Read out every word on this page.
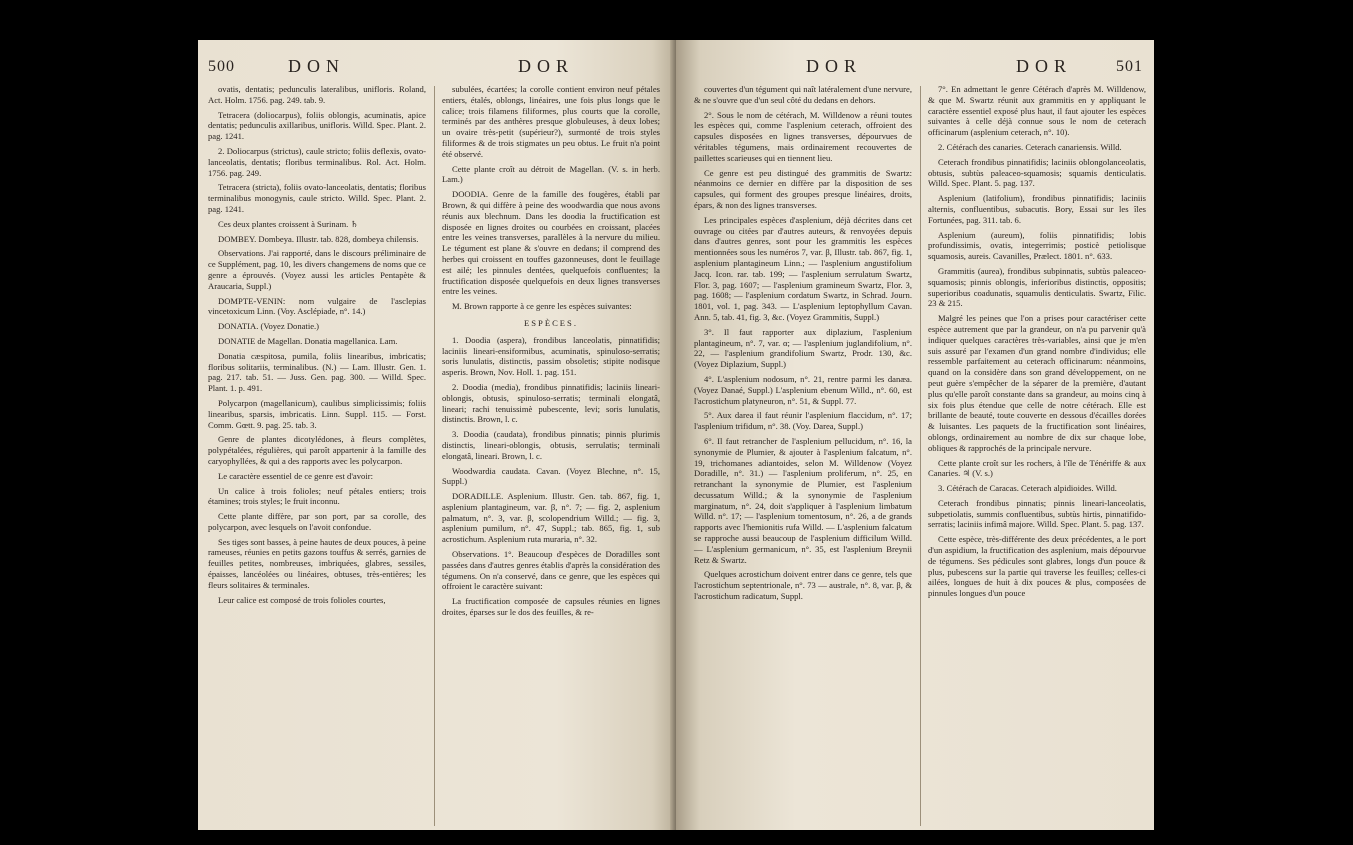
500	DON	DOR

ovatis, dentatis; pedunculis lateralibus, unifloris. Roland, Act. Holm. 1756. pag. 249. tab. 9.

Tetracera (doliocarpus), foliis oblongis, acuminatis, apice dentatis; pedunculis axillaribus, unifloris. Willd. Spec. Plant. 2. pag. 1241.

2. Doliocarpus (strictus), caule stricto; foliis deflexis, ovato-lanceolatis, dentatis; floribus terminalibus. Rol. Act. Holm. 1756. pag. 249.

Tetracera (stricta), foliis ovato-lanceolatis, dentatis; floribus terminalibus monogynis, caule stricto. Willd. Spec. Plant. 2. pag. 1241.

Ces deux plantes croissent à Surinam. ♄

DOMBEY. Dombeya. Illustr. tab. 828, dombeya chilensis.

Observations. J'ai rapporté, dans le discours préliminaire de ce Supplément, pag. 10, les divers changemens de noms que ce genre a éprouvés. (Voyez aussi les articles Pentapète & Araucaria, Suppl.)

DOMPTE-VENIN: nom vulgaire de l'asclepias vincetoxicum Linn. (Voy. Asclépiade, n°. 14.)

DONATIA. (Voyez Donatie.)

DONATIE de Magellan. Donatia magellanica. Lam.

Donatia cæspitosa, pumila, foliis linearibus, imbricatis; floribus solitariis, terminalibus. (N.) — Lam. Illustr. Gen. 1. pag. 217. tab. 51. — Juss. Gen. pag. 300. — Willd. Spec. Plant. 1. p. 491.

Polycarpon (magellanicum), caulibus simplicissimis; foliis linearibus, sparsis, imbricatis. Linn. Suppl. 115. — Forst. Comm. Gœtt. 9. pag. 25. tab. 3.

Genre de plantes dicotylédones, à fleurs complètes, polypétalées, régulières, qui paroît appartenir à la famille des caryophyllées, & qui a des rapports avec les polycarpon.

Le caractère essentiel de ce genre est d'avoir:

Un calice à trois folioles; neuf pétales entiers; trois étamines; trois styles; le fruit inconnu.

Cette plante diffère, par son port, par sa corolle, des polycarpon, avec lesquels on l'avoit confondue.

Ses tiges sont basses, à peine hautes de deux pouces, à peine rameuses, réunies en petits gazons touffus & serrés, garnies de feuilles petites, nombreuses, imbriquées, glabres, sessiles, épaisses, lancéolées ou linéaires, obtuses, très-entières; les fleurs solitaires & terminales.

Leur calice est composé de trois folioles courtes,

subulées, écartées; la corolle contient environ neuf pétales entiers, étalés, oblongs, linéaires, une fois plus longs que le calice; trois filamens filiformes, plus courts que la corolle, terminés par des anthères presque globuleuses, à deux lobes; un ovaire très-petit (supérieur?), surmonté de trois styles filiformes & de trois stigmates un peu obtus. Le fruit n'a point été observé.

Cette plante croît au détroit de Magellan. (V. s. in herb. Lam.)

DOODIA. Genre de la famille des fougères, établi par Brown, & qui diffère à peine des woodwardia que nous avons réunis aux blechnum. Dans les doodia la fructification est disposée en lignes droites ou courbées en croissant, placées entre les veines transverses, parallèles à la nervure du milieu. Le tégument est plane & s'ouvre en dedans; il comprend des herbes qui croissent en touffes gazonneuses, dont le feuillage est ailé; les pinnules dentées, quelquefois confluentes; la fructification disposée quelquefois en deux lignes transverses entre les veines.

M. Brown rapporte à ce genre les espèces suivantes:

ESPÈCES.

1. Doodia (aspera), frondibus lanceolatis, pinnatifidis; laciniis lineari-ensiformibus, acuminatis, spinuloso-serratis; soris lunulatis, distinctis, passim obsoletis; stipite nodisque asperis. Brown, Nov. Holl. 1. pag. 151.

2. Doodia (media), frondibus pinnatifidis; laciniis lineari-oblongis, obtusis, spinuloso-serratis; terminali elongatâ, lineari; rachi tenuissimè pubescente, levi; soris lunulatis, distinctis. Brown, l. c.

3. Doodia (caudata), frondibus pinnatis; pinnis plurimis distinctis, lineari-oblongis, obtusis, serrulatis; terminali elongatâ, lineari. Brown, l. c.

Woodwardia caudata. Cavan. (Voyez Blechne, n°. 15, Suppl.)

DORADILLE. Asplenium. Illustr. Gen. tab. 867, fig. 1, asplenium plantagineum, var. β, n°. 7; — fig. 2, asplenium palmatum, n°. 3, var. β, scolopendrium Willd.; — fig. 3, asplenium pumilum, n°. 47, Suppl.; tab. 865, fig. 1, sub acrostichum. Asplenium ruta muraria, n°. 32.

Observations. 1°. Beaucoup d'espèces de Doradilles sont passées dans d'autres genres établis d'après la considération des tégumens. On n'a conservé, dans ce genre, que les espèces qui offroient le caractère suivant:

La fructification composée de capsules réunies en lignes droites, éparses sur le dos des feuilles, & re-

DOR	DOR	501

couvertes d'un tégument qui naît latéralement d'une nervure, & ne s'ouvre que d'un seul côté du dedans en dehors.

2°. Sous le nom de cétérach, M. Willdenow a réuni toutes les espèces qui, comme l'asplenium ceterach, offroient des capsules disposées en lignes transverses, dépourvues de véritables tégumens, mais ordinairement recouvertes de paillettes scarieuses qui en tiennent lieu.

Ce genre est peu distingué des grammitis de Swartz: néanmoins ce dernier en diffère par la disposition de ses capsules, qui forment des groupes presque linéaires, droits, épars, & non des lignes transverses.

Les principales espèces d'asplenium, déjà décrites dans cet ouvrage ou citées par d'autres auteurs, & renvoyées depuis dans d'autres genres, sont pour les grammitis les espèces mentionnées sous les numéros 7, var. β, Illustr. tab. 867, fig. 1, asplenium plantagineum Linn.; — l'asplenium angustifolium Jacq. Icon. rar. tab. 199; — l'asplenium serrulatum Swartz, Flor. 3, pag. 1607; — l'asplenium gramineum Swartz, Flor. 3, pag. 1608; — l'asplenium cordatum Swartz, in Schrad. Journ. 1801, vol. 1, pag. 343. — L'asplenium leptophyllum Cavan. Ann. 5, tab. 41, fig. 3, &c. (Voyez Grammitis, Suppl.)

3°. Il faut rapporter aux diplazium, l'asplenium plantagineum, n°. 7, var. α; — l'asplenium juglandifolium, n°. 22, — l'asplenium grandifolium Swartz, Prodr. 130, &c. (Voyez Diplazium, Suppl.)

4°. L'asplenium nodosum, n°. 21, rentre parmi les danæa. (Voyez Danaé, Suppl.) L'asplenium ebenum Willd., n°. 60, est l'acrostichum platyneuron, n°. 51, & Suppl. 77.

5°. Aux darea il faut réunir l'asplenium flaccidum, n°. 17; l'asplenium trifidum, n°. 38. (Voy. Darea, Suppl.)

6°. Il faut retrancher de l'asplenium pellucidum, n°. 16, la synonymie de Plumier, & ajouter à l'asplenium falcatum, n°. 19, trichomanes adiantoides, selon M. Willdenow (Voyez Doradille, n°. 31.) — l'asplenium proliferum, n°. 25, en retranchant la synonymie de Plumier, est l'asplenium decussatum Willd.; & la synonymie de l'asplenium marginatum, n°. 24, doit s'appliquer à l'asplenium limbatum Willd. n°. 17; — l'asplenium tomentosum, n°. 26, a de grands rapports avec l'hemionitis rufa Willd. — L'asplenium falcatum se rapproche aussi beaucoup de l'asplenium difficilum Willd. — L'asplenium germanicum, n°. 35, est l'asplenium Breynii Retz & Swartz.

Quelques acrostichum doivent entrer dans ce genre, tels que l'acrostichum septentrionale, n°. 73 — australe, n°. 8, var. β, & l'acrostichum radicatum, Suppl.

7°. En admettant le genre Cétérach d'après M. Willdenow, & que M. Swartz réunit aux grammitis en y appliquant le caractère essentiel exposé plus haut, il faut ajouter les espèces suivantes à celle déjà connue sous le nom de ceterach officinarum (asplenium ceterach, n°. 10).

2. Cétérach des canaries. Ceterach canariensis. Willd.

Ceterach frondibus pinnatifidis; laciniis oblongolanceolatis, obtusis, subtùs paleaceo-squamosis; squamis denticulatis. Willd. Spec. Plant. 5. pag. 137.

Asplenium (latifolium), frondibus pinnatifidis; laciniis alternis, confluentibus, subacutis. Bory, Essai sur les îles Fortunées, pag. 311. tab. 6.

Asplenium (aureum), foliis pinnatifidis; lobis profundissimis, ovatis, integerrimis; posticè petiolisque squamosis, aureis. Cavanilles, Prælect. 1801. n°. 633.

Grammitis (aurea), frondibus subpinnatis, subtùs paleaceo-squamosis; pinnis oblongis, inferioribus distinctis, oppositis; superioribus coadunatis, squamulis denticulatis. Swartz, Filic. 23 & 215.

Malgré les peines que l'on a prises pour caractériser cette espèce autrement que par la grandeur, on n'a pu parvenir qu'à indiquer quelques caractères très-variables, ainsi que je m'en suis assuré par l'examen d'un grand nombre d'individus; elle ressemble parfaitement au ceterach officinarum: néanmoins, quand on la considère dans son grand développement, on ne peut guère s'empêcher de la séparer de la première, d'autant plus qu'elle paroît constante dans sa grandeur, au moins cinq à six fois plus étendue que celle de notre cétérach. Elle est brillante de beauté, toute couverte en dessous d'écailles dorées & luisantes. Les paquets de la fructification sont linéaires, oblongs, ordinairement au nombre de dix sur chaque lobe, obliques & rapprochés de la principale nervure.

Cette plante croît sur les rochers, à l'île de Ténériffe & aux Canaries. ♃ (V. s.)

3. Cétérach de Caracas. Ceterach alpidioides. Willd.

Ceterach frondibus pinnatis; pinnis lineari-lanceolatis, subpetiolatis, summis confluentibus, subtùs hirtis, pinnatifido-serratis; laciniis infimâ majore. Willd. Spec. Plant. 5. pag. 137.

Cette espèce, très-différente des deux précédentes, a le port d'un aspidium, la fructification des asplenium, mais dépourvue de tégumens. Ses pédicules sont glabres, longs d'un pouce & plus, pubescens sur la partie qui traverse les feuilles; celles-ci ailées, longues de huit à dix pouces & plus, composées de pinnules longues d'un pouce
